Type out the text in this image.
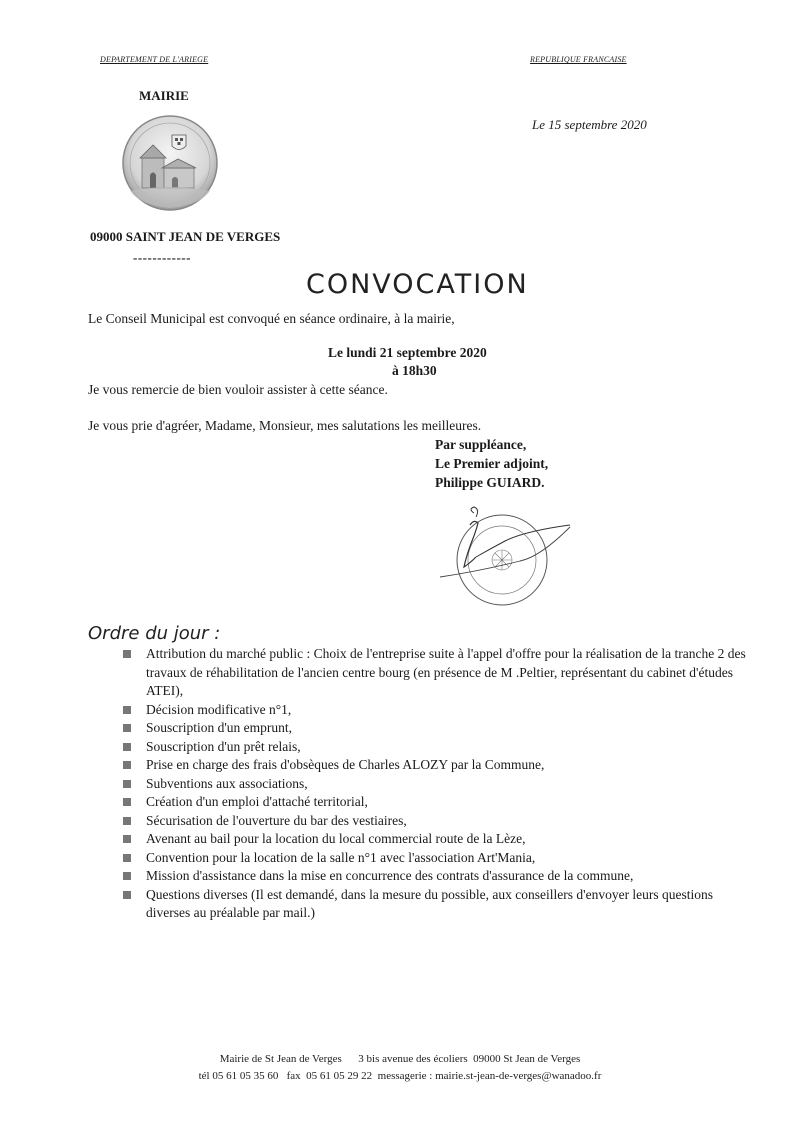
DEPARTEMENT DE L'ARIEGE	REPUBLIQUE FRANCAISE
MAIRIE
Le 15 septembre 2020
09000 SAINT JEAN DE VERGES
------------
CONVOCATION
Le Conseil Municipal est convoqué en séance ordinaire, à la mairie,
Le lundi 21 septembre 2020
à 18h30
Je vous remercie de bien vouloir assister à cette séance.
Je vous prie d'agréer, Madame, Monsieur, mes salutations les meilleures.
Par suppléance,
Le Premier adjoint,
Philippe GUIARD.
Ordre du jour :
Attribution du marché public : Choix de l'entreprise suite à l'appel d'offre pour la réalisation de la tranche 2 des travaux de réhabilitation de l'ancien centre bourg (en présence de M .Peltier, représentant du cabinet d'études ATEI),
Décision modificative n°1,
Souscription d'un emprunt,
Souscription d'un prêt relais,
Prise en charge des frais d'obsèques de Charles ALOZY par la Commune,
Subventions aux associations,
Création d'un emploi d'attaché territorial,
Sécurisation de l'ouverture du bar des vestiaires,
Avenant au bail pour la location du local commercial route de la Lèze,
Convention pour la location de la salle n°1 avec l'association Art'Mania,
Mission d'assistance dans la mise en concurrence des contrats d'assurance de la commune,
Questions diverses (Il est demandé, dans la mesure du possible, aux conseillers d'envoyer leurs questions diverses au préalable par mail.)
Mairie de St Jean de Verges      3 bis avenue des écoliers  09000 St Jean de Verges
tél 05 61 05 35 60   fax  05 61 05 29 22  messagerie : mairie.st-jean-de-verges@wanadoo.fr
